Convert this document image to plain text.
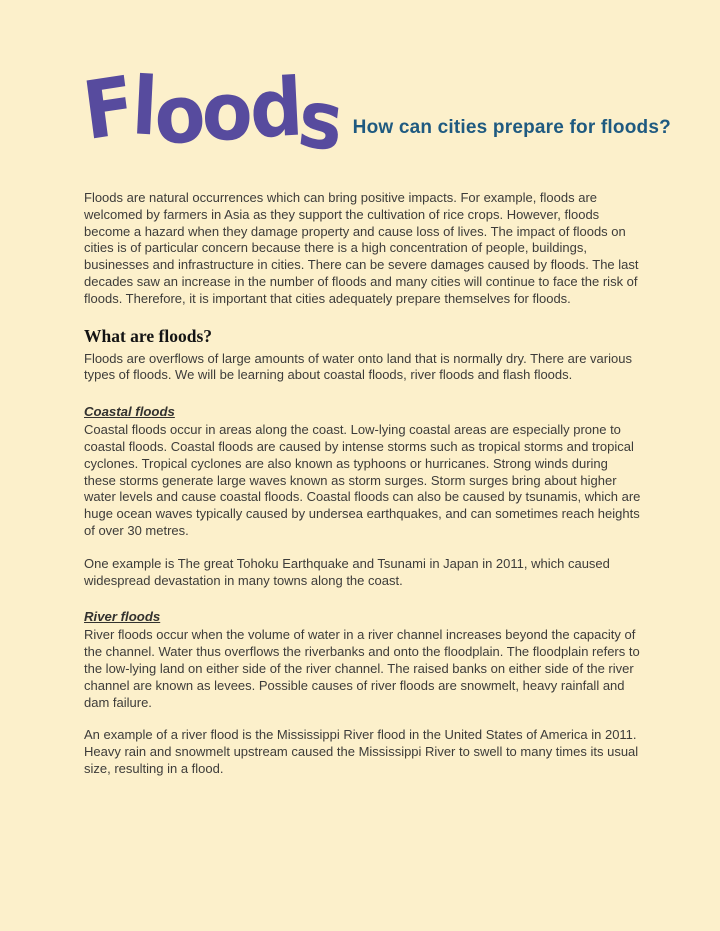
Floods How can cities prepare for floods?

Floods are natural occurrences which can bring positive impacts. For example, floods are welcomed by farmers in Asia as they support the cultivation of rice crops. However, floods become a hazard when they damage property and cause loss of lives. The impact of floods on cities is of particular concern because there is a high concentration of people, buildings, businesses and infrastructure in cities. There can be severe damages caused by floods. The last decades saw an increase in the number of floods and many cities will continue to face the risk of floods. Therefore, it is important that cities adequately prepare themselves for floods.

What are floods?

Floods are overflows of large amounts of water onto land that is normally dry. There are various types of floods. We will be learning about coastal floods, river floods and flash floods.

Coastal floods

Coastal floods occur in areas along the coast. Low-lying coastal areas are especially prone to coastal floods. Coastal floods are caused by intense storms such as tropical storms and tropical cyclones. Tropical cyclones are also known as typhoons or hurricanes. Strong winds during these storms generate large waves known as storm surges. Storm surges bring about higher water levels and cause coastal floods. Coastal floods can also be caused by tsunamis, which are huge ocean waves typically caused by undersea earthquakes, and can sometimes reach heights of over 30 metres.

One example is The great Tohoku Earthquake and Tsunami in Japan in 2011, which caused widespread devastation in many towns along the coast.

River floods

River floods occur when the volume of water in a river channel increases beyond the capacity of the channel. Water thus overflows the riverbanks and onto the floodplain. The floodplain refers to the low-lying land on either side of the river channel. The raised banks on either side of the river channel are known as levees. Possible causes of river floods are snowmelt, heavy rainfall and dam failure.

An example of a river flood is the Mississippi River flood in the United States of America in 2011. Heavy rain and snowmelt upstream caused the Mississippi River to swell to many times its usual size, resulting in a flood.
